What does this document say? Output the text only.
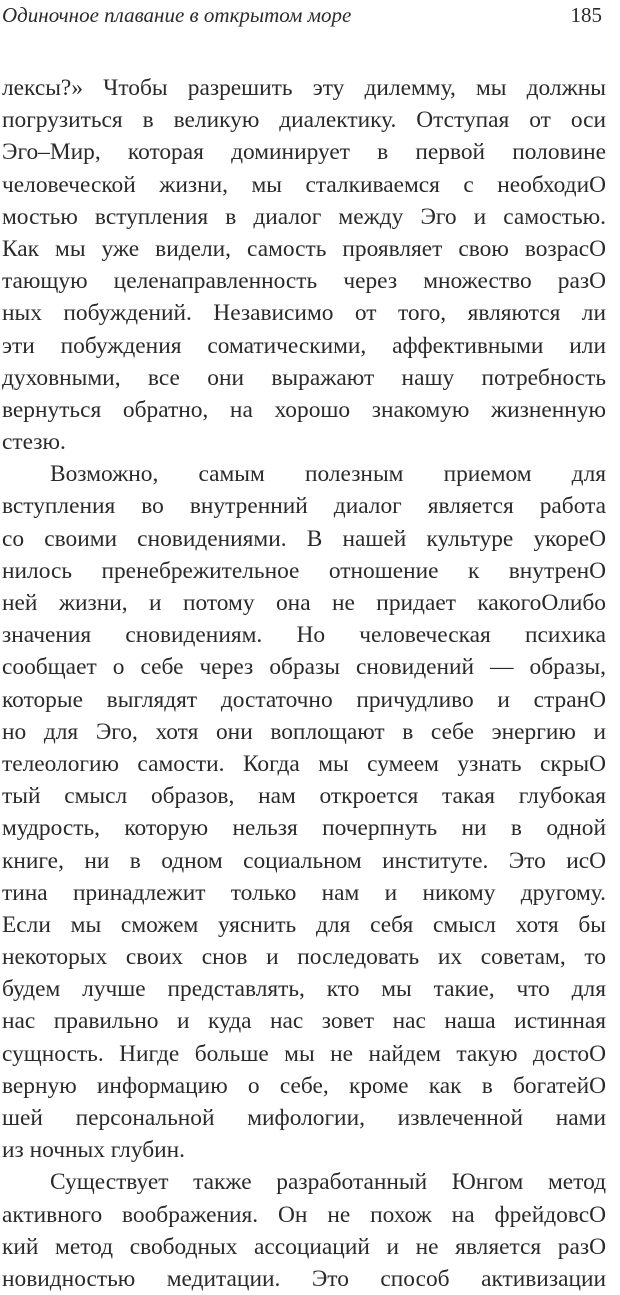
Одиночное плавание в открытом море	185
лексы?» Чтобы разрешить эту дилемму, мы должны
погрузиться в великую диалектику. Отступая от оси
Эго–Мир, которая доминирует в первой половине
человеческой жизни, мы сталкиваемся с необходиO
мостью вступления в диалог между Эго и самостью.
Как мы уже видели, самость проявляет свою возрасO
тающую целенаправленность через множество разO
ных побуждений. Независимо от того, являются ли
эти побуждения соматическими, аффективными или
духовными, все они выражают нашу потребность
вернуться обратно, на хорошо знакомую жизненную
стезю.
Возможно, самым полезным приемом для
вступления во внутренний диалог является работа
со своими сновидениями. В нашей культуре укореO
нилось пренебрежительное отношение к внутренO
ней жизни, и потому она не придает какогоOлибо
значения сновидениям. Но человеческая психика
сообщает о себе через образы сновидений — образы,
которые выглядят достаточно причудливо и странO
но для Эго, хотя они воплощают в себе энергию и
телеологию самости. Когда мы сумеем узнать скрыO
тый смысл образов, нам откроется такая глубокая
мудрость, которую нельзя почерпнуть ни в одной
книге, ни в одном социальном институте. Это исO
тина принадлежит только нам и никому другому.
Если мы сможем уяснить для себя смысл хотя бы
некоторых своих снов и последовать их советам, то
будем лучше представлять, кто мы такие, что для
нас правильно и куда нас зовет нас наша истинная
сущность. Нигде больше мы не найдем такую достоO
верную информацию о себе, кроме как в богатейO
шей персональной мифологии, извлеченной нами
из ночных глубин.
Существует также разработанный Юнгом метод
активного воображения. Он не похож на фрейдовсO
кий метод свободных ассоциаций и не является разO
новидностью медитации. Это способ активизации
